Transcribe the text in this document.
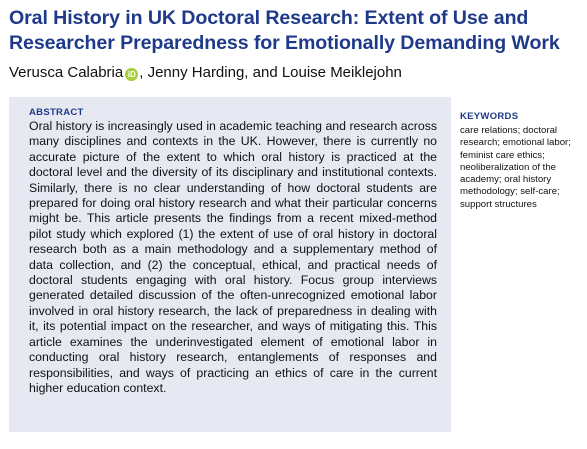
Oral History in UK Doctoral Research: Extent of Use and Researcher Preparedness for Emotionally Demanding Work
Verusca Calabria iD , Jenny Harding, and Louise Meiklejohn
ABSTRACT

Oral history is increasingly used in academic teaching and research across many disciplines and contexts in the UK. However, there is currently no accurate picture of the extent to which oral history is practiced at the doctoral level and the diversity of its disciplinary and institutional contexts. Similarly, there is no clear understanding of how doctoral students are prepared for doing oral history research and what their particular concerns might be. This article presents the findings from a recent mixed-method pilot study which explored (1) the extent of use of oral history in doctoral research both as a main methodology and a supplementary method of data collection, and (2) the conceptual, ethical, and practical needs of doctoral students engaging with oral history. Focus group interviews generated detailed discussion of the often-unrecognized emotional labor involved in oral history research, the lack of preparedness in dealing with it, its potential impact on the researcher, and ways of mitigating this. This article examines the underinvestigated element of emotional labor in conducting oral history research, entanglements of responses and responsibilities, and ways of practicing an ethics of care in the current higher education context.

KEYWORDS

care relations; doctoral research; emotional labor; feminist care ethics; neoliberalization of the academy; oral history methodology; self-care; support structures
